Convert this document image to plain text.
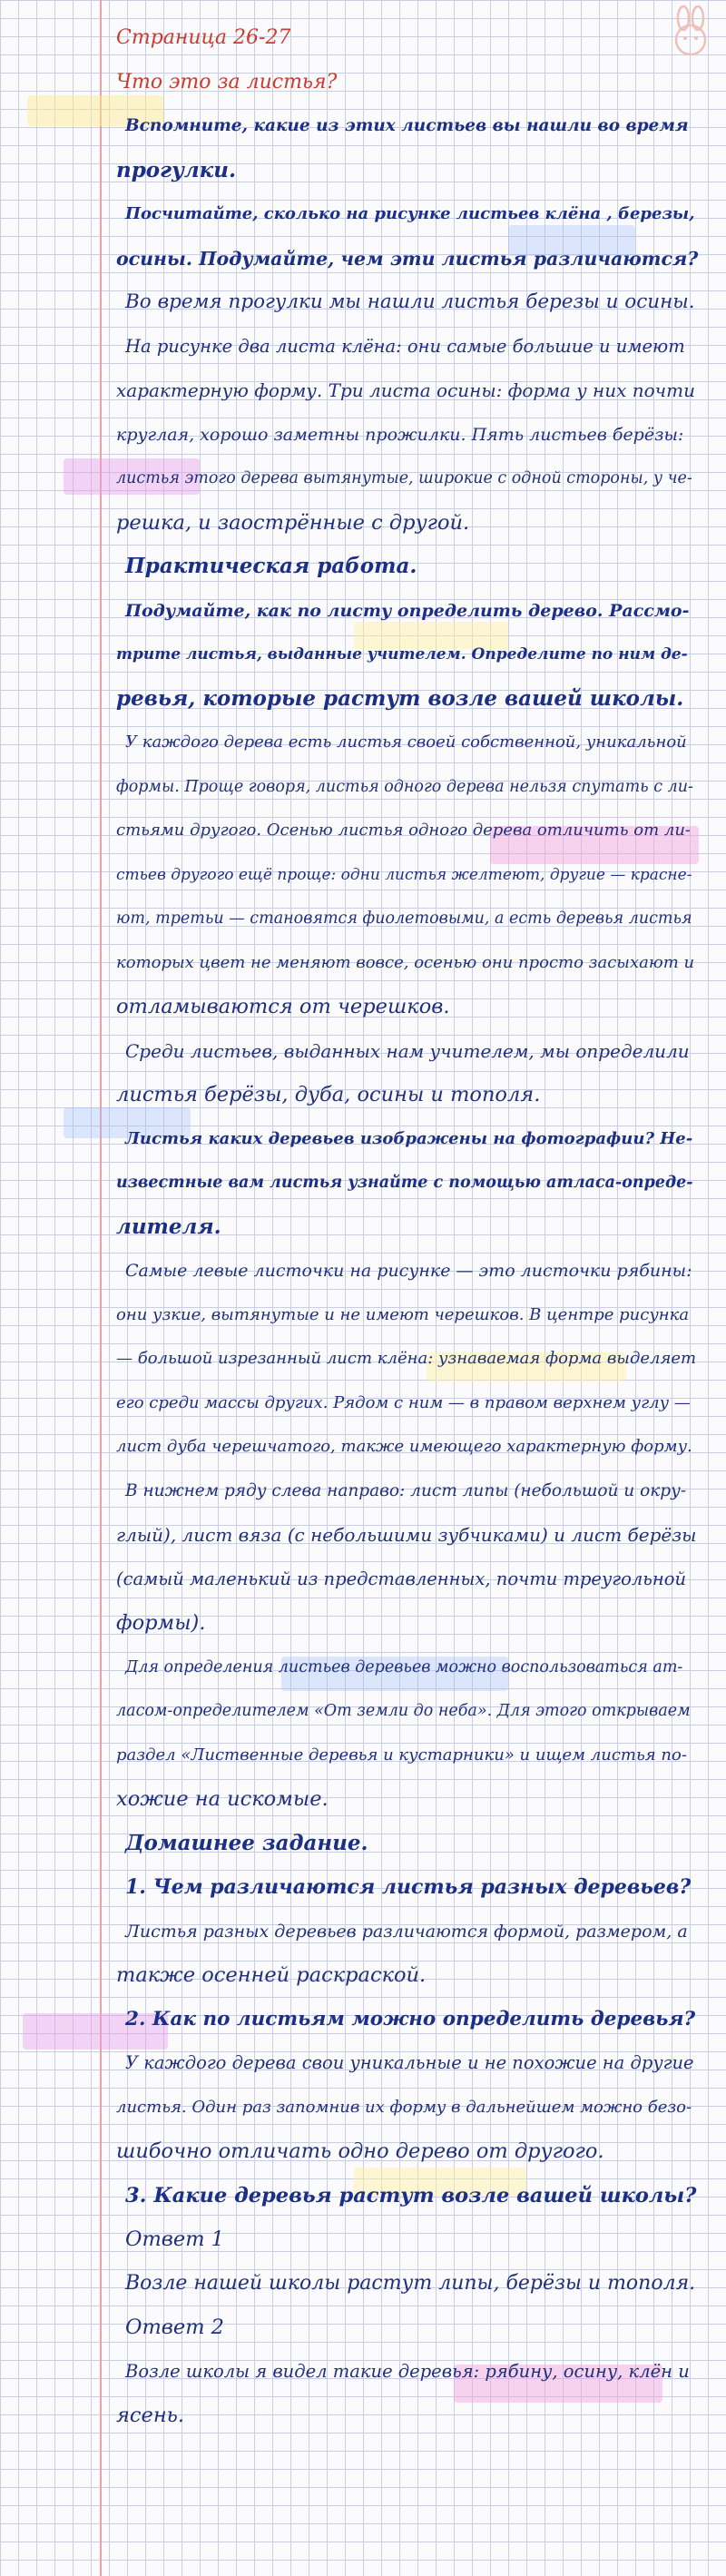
Страница 26-27
Что это за листья?
Вспомните, какие из этих листьев вы нашли во время
прогулки.
Посчитайте, сколько на рисунке листьев клёна , березы,
осины. Подумайте, чем эти листья различаются?
Во время прогулки мы нашли листья березы и осины.
На рисунке два листа клёна: они самые большие и имеют
характерную форму. Три листа осины: форма у них почти
круглая, хорошо заметны прожилки. Пять листьев берёзы:
листья этого дерева вытянутые, широкие с одной стороны, у че-
решка, и заострённые с другой.
Практическая работа.
Подумайте, как по листу определить дерево. Рассмо-
трите листья, выданные учителем. Определите по ним де-
ревья, которые растут возле вашей школы.
У каждого дерева есть листья своей собственной, уникальной
формы. Проще говоря, листья одного дерева нельзя спутать с ли-
стьями другого. Осенью листья одного дерева отличить от ли-
стьев другого ещё проще: одни листья желтеют, другие — красне-
ют, третьи — становятся фиолетовыми, а есть деревья листья
которых цвет не меняют вовсе, осенью они просто засыхают и
отламываются от черешков.
Среди листьев, выданных нам учителем, мы определили
листья берёзы, дуба, осины и тополя.
Листья каких деревьев изображены на фотографии? Не-
известные вам листья узнайте с помощью атласа-опреде-
лителя.
Самые левые листочки на рисунке — это листочки рябины:
они узкие, вытянутые и не имеют черешков. В центре рисунка
— большой изрезанный лист клёна: узнаваемая форма выделяет
его среди массы других. Рядом с ним — в правом верхнем углу —
лист дуба черешчатого, также имеющего характерную форму.
В нижнем ряду слева направо: лист липы (небольшой и окру-
глый), лист вяза (с небольшими зубчиками) и лист берёзы
(самый маленький из представленных, почти треугольной
формы).
Для определения листьев деревьев можно воспользоваться ат-
ласом-определителем «От земли до неба». Для этого открываем
раздел «Лиственные деревья и кустарники» и ищем листья по-
хожие на искомые.
Домашнее задание.
1. Чем различаются листья разных деревьев?
Листья разных деревьев различаются формой, размером, а
также осенней раскраской.
2. Как по листьям можно определить деревья?
У каждого дерева свои уникальные и не похожие на другие
листья. Один раз запомнив их форму в дальнейшем можно безо-
шибочно отличать одно дерево от другого.
3. Какие деревья растут возле вашей школы?
Ответ 1
Возле нашей школы растут липы, берёзы и тополя.
Ответ 2
Возле школы я видел такие деревья: рябину, осину, клён и
ясень.
